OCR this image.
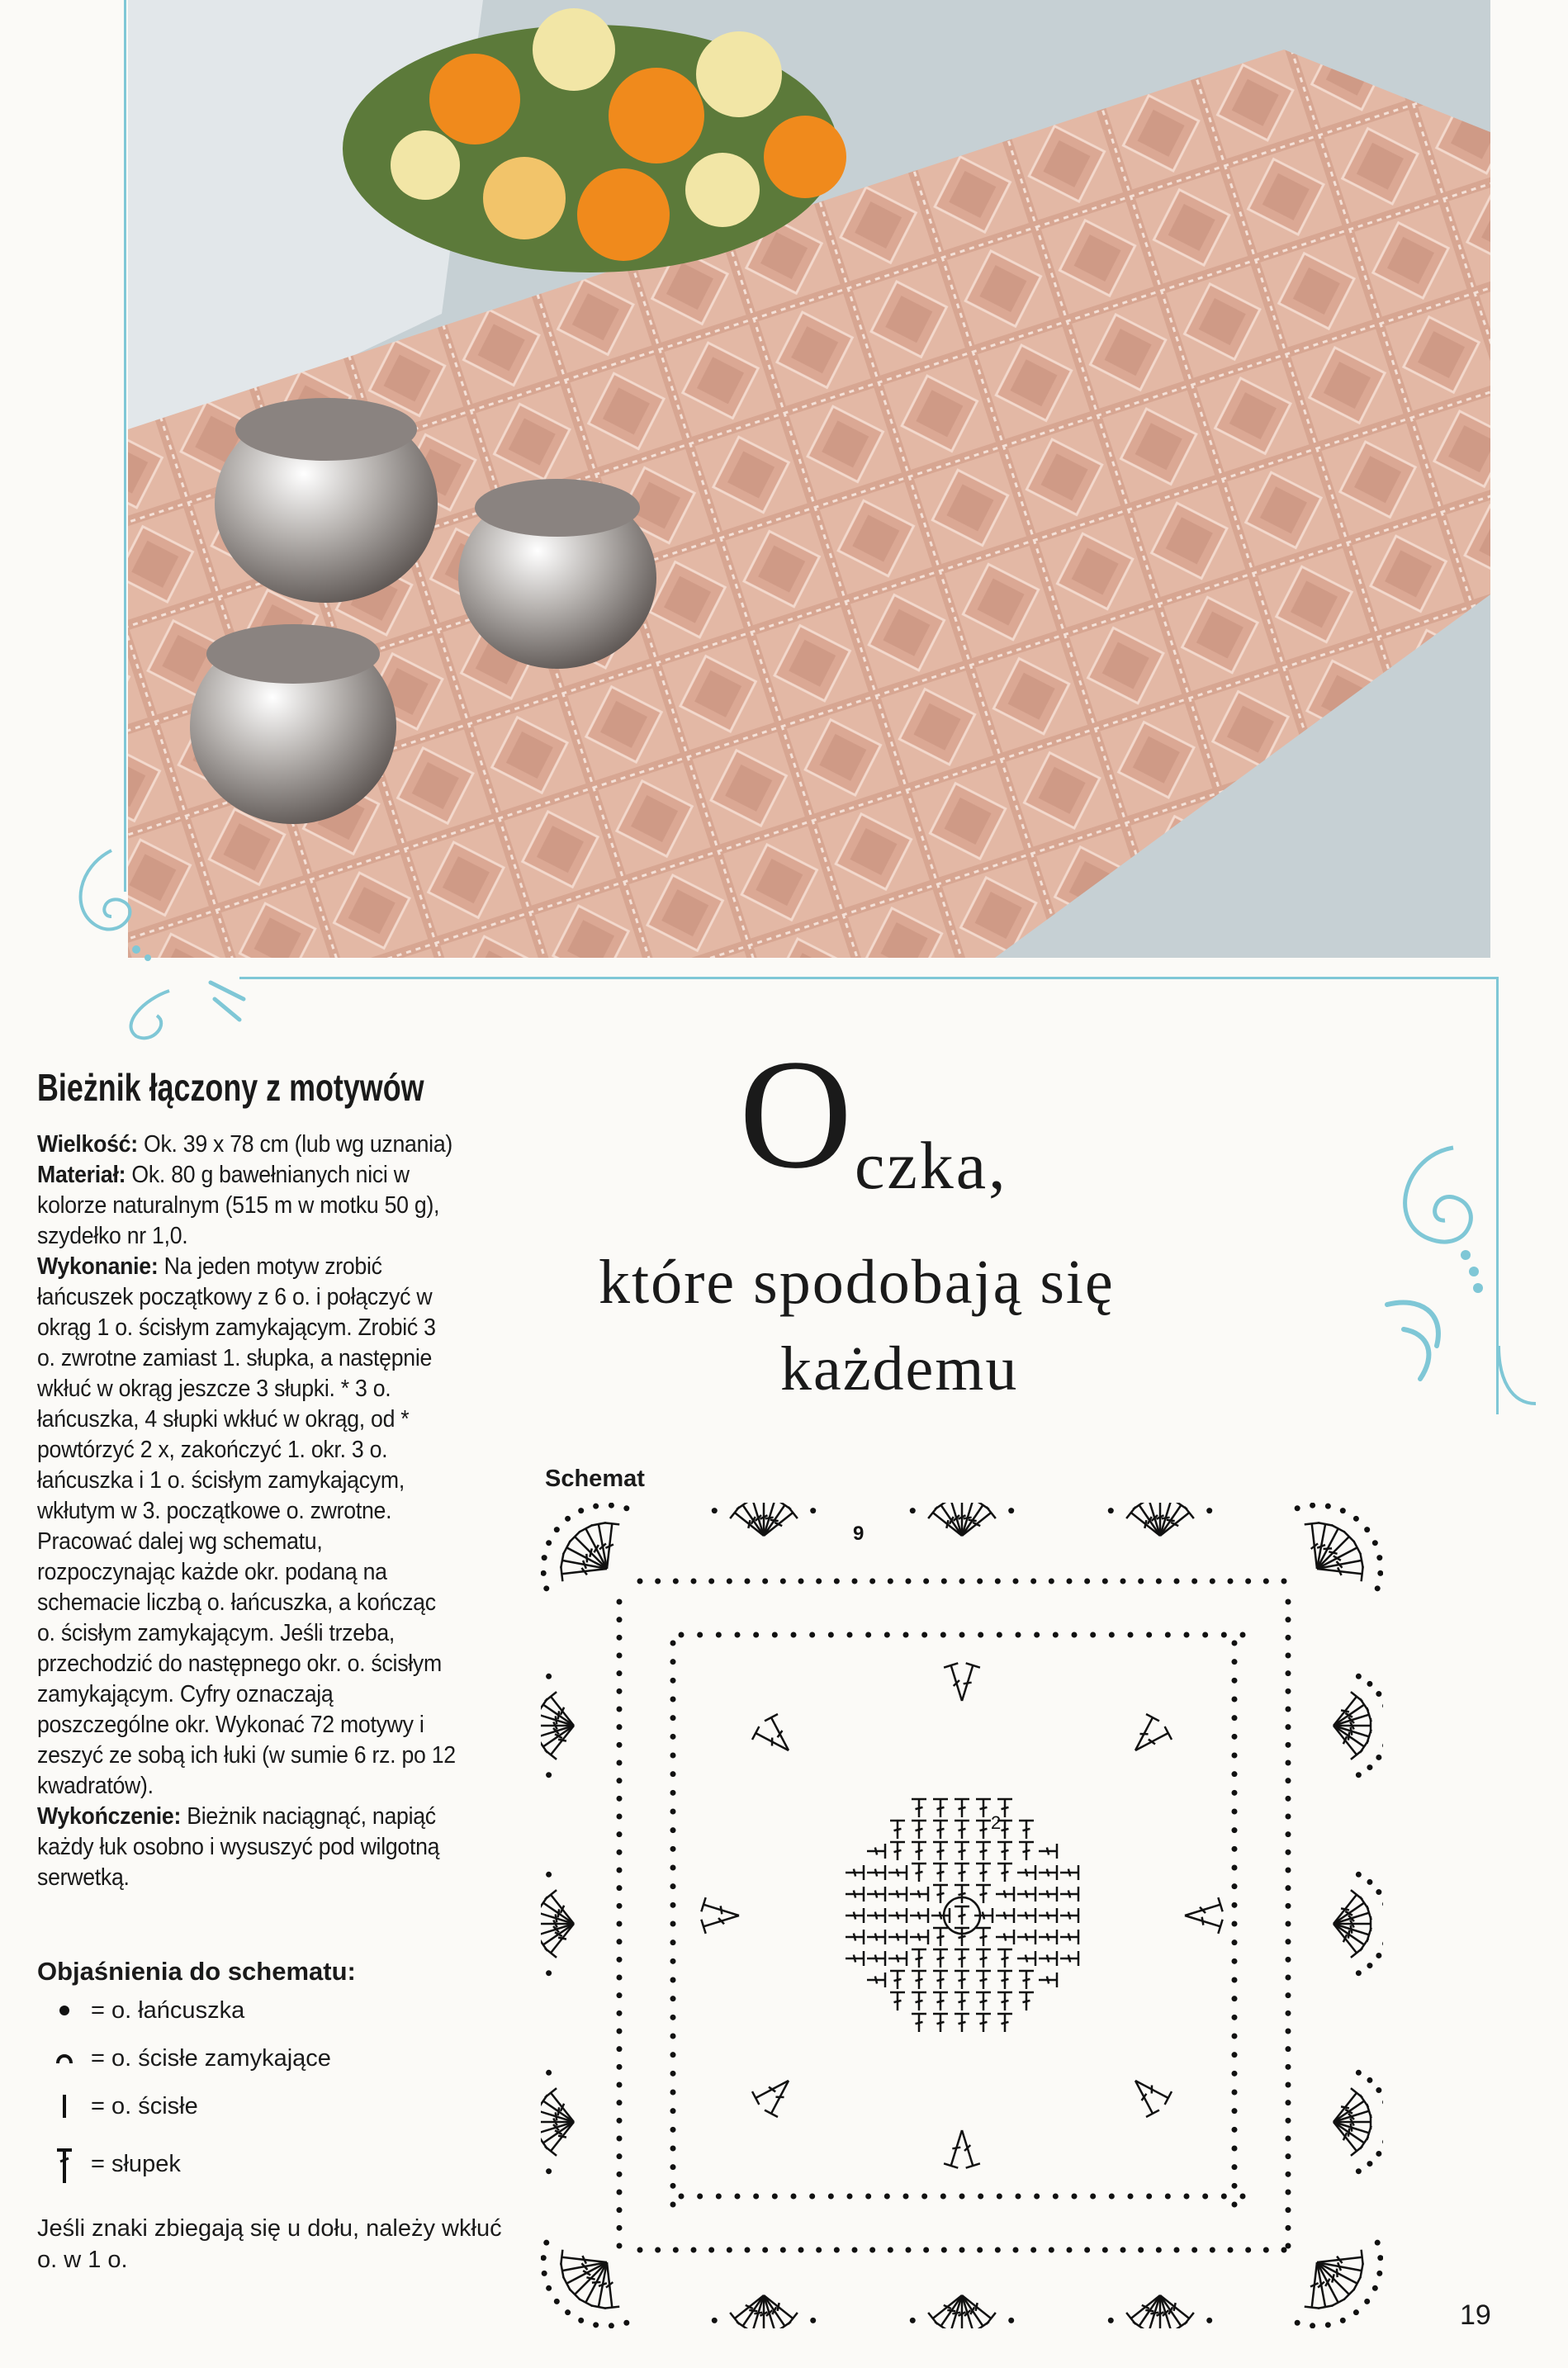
Bieżnik łączony z motywów

Wielkość: Ok. 39 x 78 cm (lub wg uznania)

Materiał: Ok. 80 g bawełnianych nici w kolorze naturalnym (515 m w motku 50 g), szydełko nr 1,0.

Wykonanie: Na jeden motyw zrobić łańcuszek początkowy z 6 o. i połączyć w okrąg 1 o. ścisłym zamykającym. Zrobić 3 o. zwrotne zamiast 1. słupka, a następnie wkłuć w okrąg jeszcze 3 słupki. * 3 o. łańcuszka, 4 słupki wkłuć w okrąg, od * powtórzyć 2 x, zakończyć 1. okr. 3 o. łańcuszka i 1 o. ścisłym zamykającym, wkłutym w 3. początkowe o. zwrotne.

Pracować dalej wg schematu, rozpoczynając każde okr. podaną na schemacie liczbą o. łańcuszka, a kończąc o. ścisłym zamykającym. Jeśli trzeba, przechodzić do następnego okr. o. ścisłym zamykającym. Cyfry oznaczają poszczególne okr. Wykonać 72 motywy i zeszyć ze sobą ich łuki (w sumie 6 rz. po 12 kwadratów).

Wykończenie: Bieżnik naciągnąć, napiąć każdy łuk osobno i wysuszyć pod wilgotną serwetką.

Objaśnienia do schematu:
= o. łańcuszka
= o. ścisłe zamykające
= o. ścisłe
= słupek
Jeśli znaki zbiegają się u dołu, należy wkłuć o. w 1 o.
O czka,
które spodobają się
każdemu
Schemat
9
2
19
